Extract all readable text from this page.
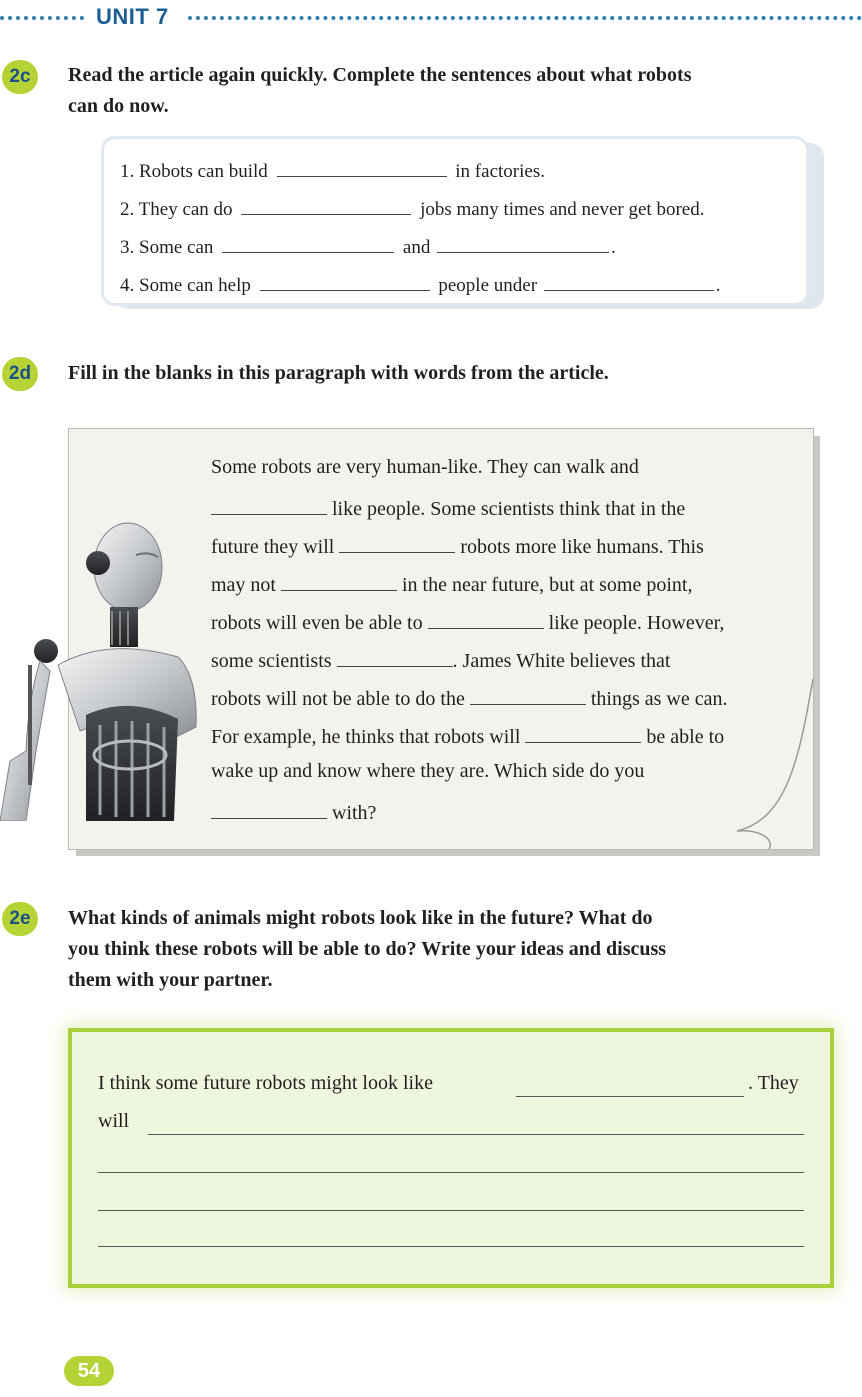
UNIT 7
2c	Read the article again quickly. Complete the sentences about what robots
can do now.
1. Robots can build	in factories.
2. They can do	jobs many times and never get bored.
3. Some can	and	.
4. Some can help	people under	.
2d	Fill in the blanks in this paragraph with words from the article.
Some robots are very human-like. They can walk and
like people. Some scientists think that in the
future they will	robots more like humans. This
may not	in the near future, but at some point,
robots will even be able to	like people. However,
some scientists	. James White believes that
robots will not be able to do the	things as we can.
For example, he thinks that robots will	be able to
wake up and know where they are. Which side do you
with?
2e	What kinds of animals might robots look like in the future? What do
you think these robots will be able to do? Write your ideas and discuss
them with your partner.
I think some future robots might look like	. They
will
54
